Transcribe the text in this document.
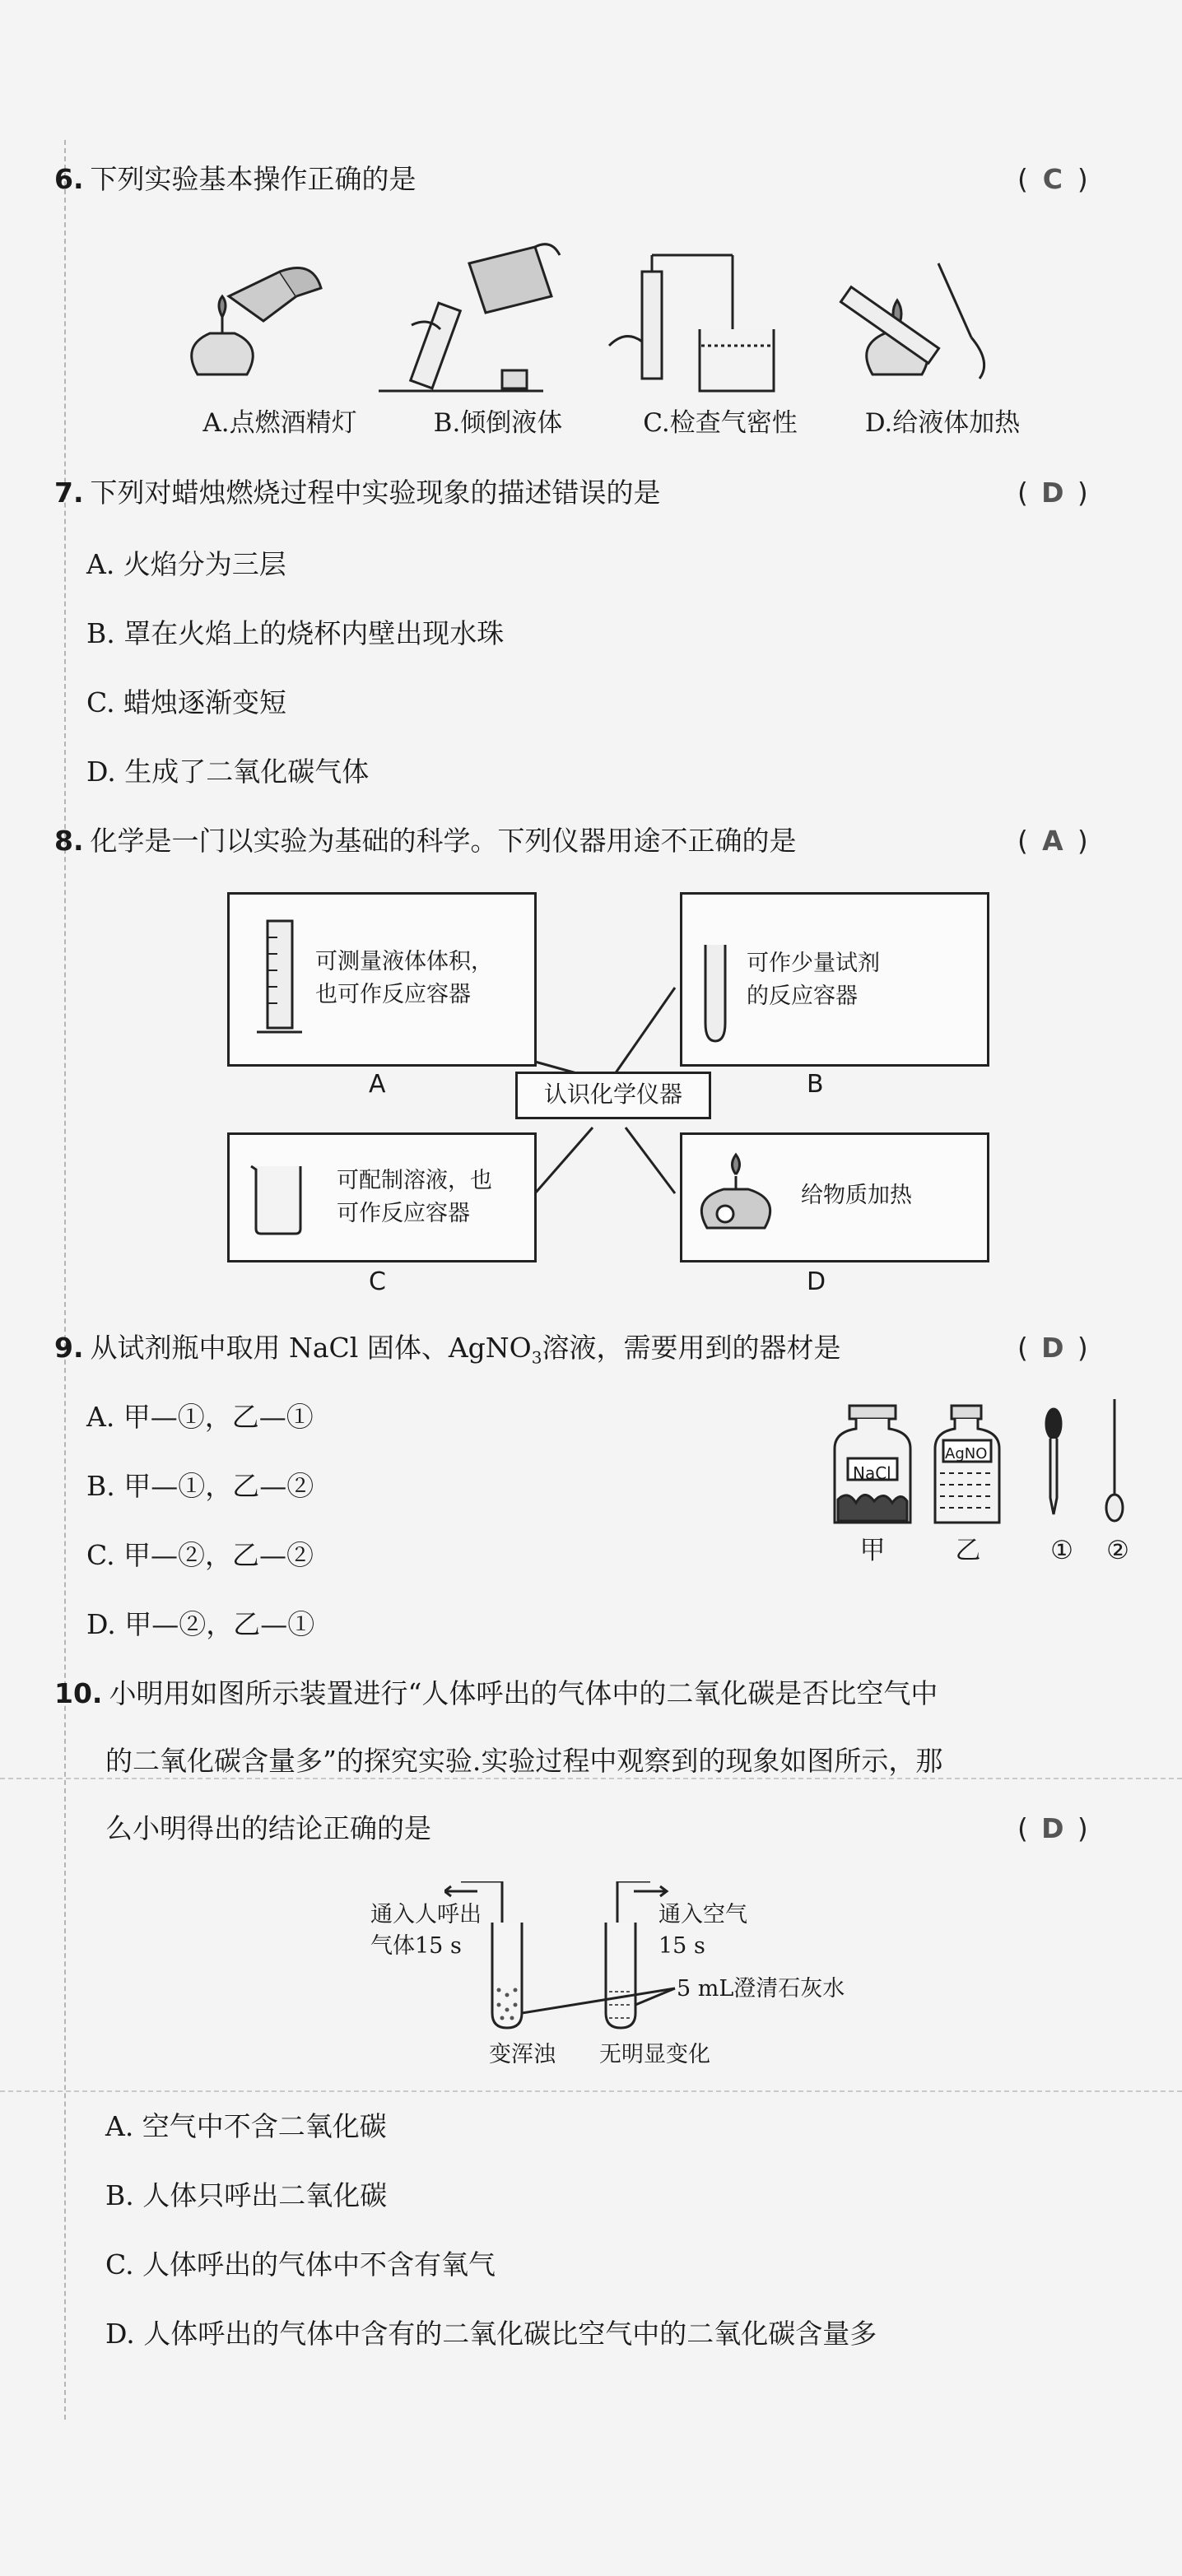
6. 下列实验基本操作正确的是	( C )
A.点燃酒精灯	B.倾倒液体	C.检查气密性	D.给液体加热
7. 下列对蜡烛燃烧过程中实验现象的描述错误的是	( D )
A. 火焰分为三层
B. 罩在火焰上的烧杯内壁出现水珠
C. 蜡烛逐渐变短
D. 生成了二氧化碳气体
8. 化学是一门以实验为基础的科学。下列仪器用途不正确的是	( A )
可测量液体体积，
也可作反应容器
A
可作少量试剂
的反应容器
B
认识化学仪器
可配制溶液，也
可作反应容器
C
给物质加热
D
9. 从试剂瓶中取用 NaCl 固体、AgNO$_3$溶液，需要用到的器材是	( D )
A. 甲—①，乙—①
B. 甲—①，乙—②
C. 甲—②，乙—②
D. 甲—②，乙—①
NaCl
AgNO
甲	乙	① ②
10. 小明用如图所示装置进行“人体呼出的气体中的二氧化碳是否比空气中
的二氧化碳含量多”的探究实验.实验过程中观察到的现象如图所示，那
么小明得出的结论正确的是	( D )
通入人呼出
气体15 s
通入空气
15 s
5 mL澄清石灰水
变浑浊 无明显变化
A. 空气中不含二氧化碳
B. 人体只呼出二氧化碳
C. 人体呼出的气体中不含有氧气
D. 人体呼出的气体中含有的二氧化碳比空气中的二氧化碳含量多
